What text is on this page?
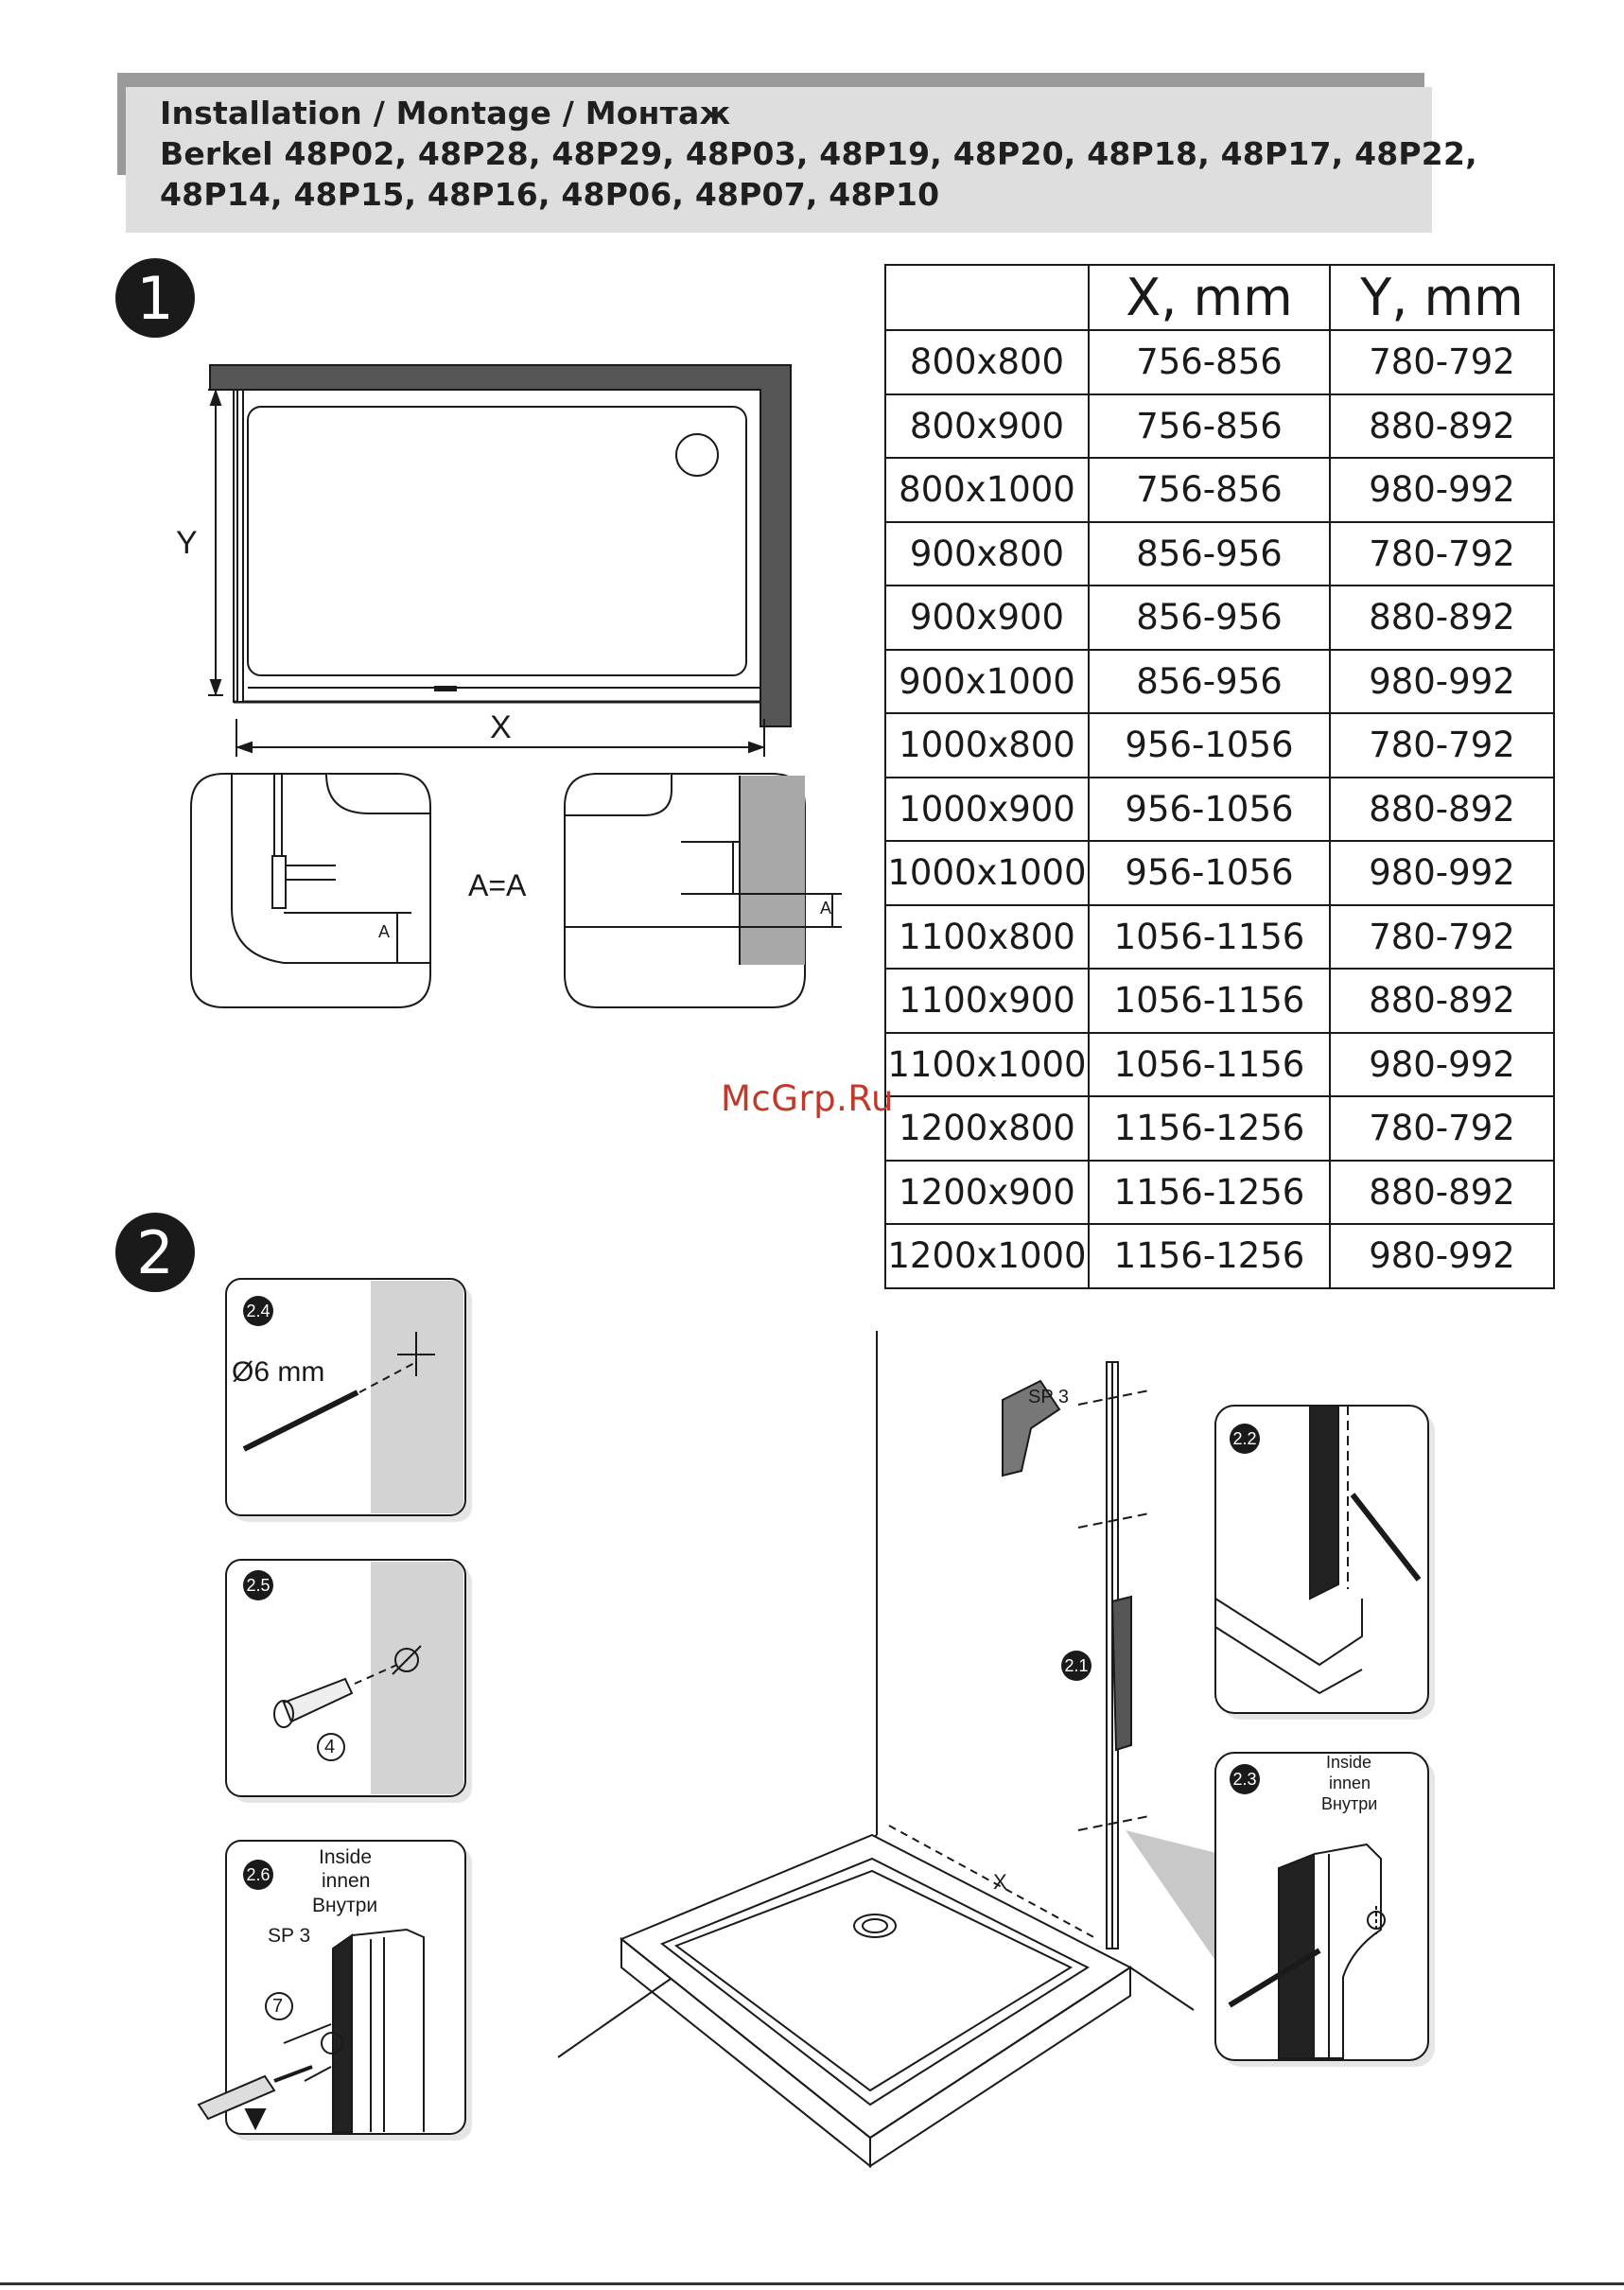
Installation / Montage / Монтаж
Berkel 48P02, 48P28, 48P29, 48P03, 48P19, 48P20, 48P18, 48P17, 48P22,
48P14, 48P15, 48P16, 48P06, 48P07, 48P10
1
2
Y
X
A=A
A
A
	X, mm	Y, mm
800x800	756-856	780-792
800x900	756-856	880-892
800x1000	756-856	980-992
900x800	856-956	780-792
900x900	856-956	880-892
900x1000	856-956	980-992
1000x800	956-1056	780-792
1000x900	956-1056	880-892
1000x1000	956-1056	980-992
1100x800	1056-1156	780-792
1100x900	1056-1156	880-892
1100x1000	1056-1156	980-992
1200x800	1156-1256	780-792
1200x900	1156-1256	880-892
1200x1000	1156-1256	980-992
McGrp.Ru
2.4
Ø6 mm
2.5
4
2.6
Inside
innen
Внутри
SP 3
7
SP 3
2.1
X
2.2
2.3
Inside
innen
Внутри
